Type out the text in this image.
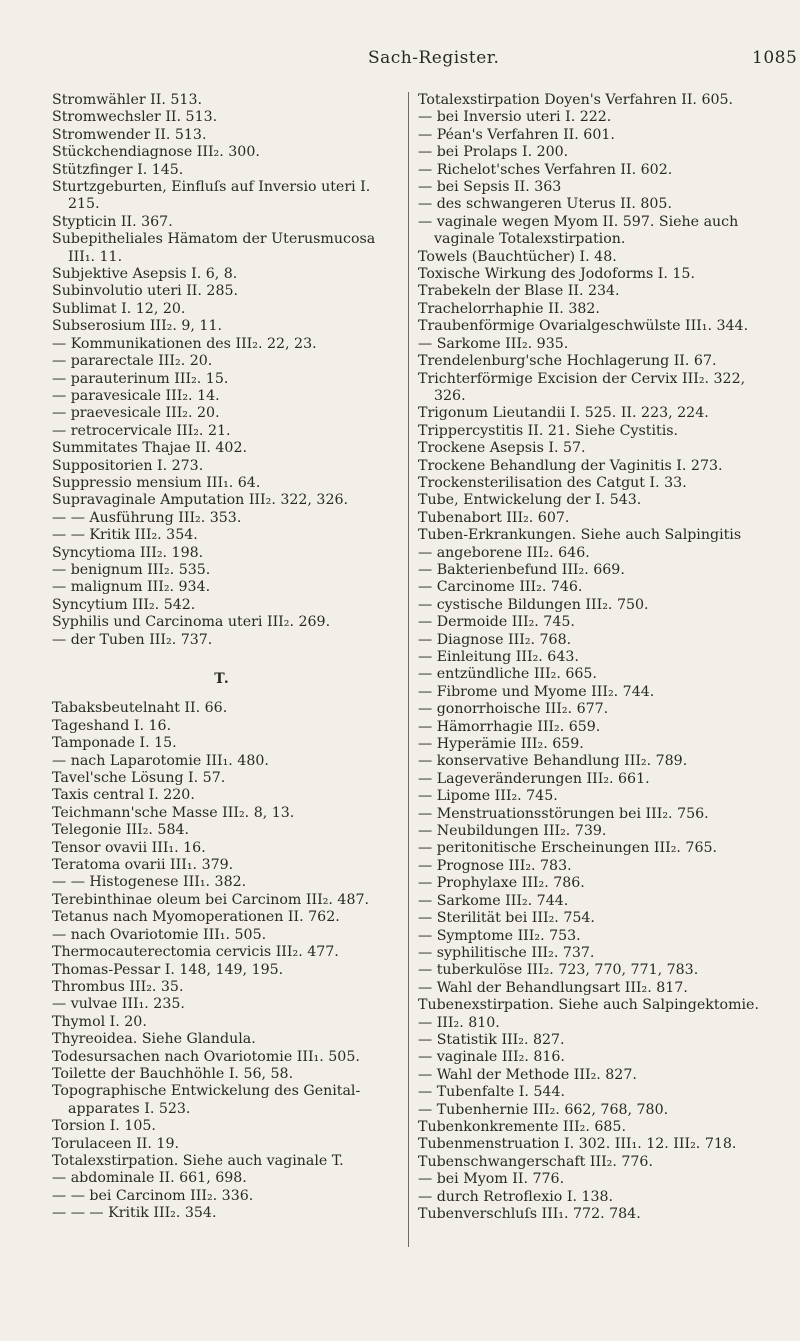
Sach-Register.	1085
Stromwähler II. 513.
Stromwechsler II. 513.
Stromwender II. 513.
Stückchendiagnose III₂. 300.
Stützfinger I. 145.
Sturtzgeburten, Einfluſs auf Inversio uteri I. 215.
Stypticin II. 367.
Subepitheliales Hämatom der Uterusmucosa III₁. 11.
Subjektive Asepsis I. 6, 8.
Subinvolutio uteri II. 285.
Sublimat I. 12, 20.
Subserosium III₂. 9, 11.
— Kommunikationen des III₂. 22, 23.
— pararectale III₂. 20.
— parauterinum III₂. 15.
— paravesicale III₂. 14.
— praevesicale III₂. 20.
— retrocervicale III₂. 21.
Summitates Thajae II. 402.
Suppositorien I. 273.
Suppressio mensium III₁. 64.
Supravaginale Amputation III₂. 322, 326.
— — Ausführung III₂. 353.
— — Kritik III₂. 354.
Syncytioma III₂. 198.
— benignum III₂. 535.
— malignum III₂. 934.
Syncytium III₂. 542.
Syphilis und Carcinoma uteri III₂. 269.
— der Tuben III₂. 737.
T.
Tabaksbeutelnaht II. 66.
Tageshand I. 16.
Tamponade I. 15.
— nach Laparotomie III₁. 480.
Tavel'sche Lösung I. 57.
Taxis central I. 220.
Teichmann'sche Masse III₂. 8, 13.
Telegonie III₂. 584.
Tensor ovavii III₁. 16.
Teratoma ovarii III₁. 379.
— — Histogenese III₁. 382.
Terebinthinae oleum bei Carcinom III₂. 487.
Tetanus nach Myomoperationen II. 762.
— nach Ovariotomie III₁. 505.
Thermocauterectomia cervicis III₂. 477.
Thomas-Pessar I. 148, 149, 195.
Thrombus III₂. 35.
— vulvae III₁. 235.
Thymol I. 20.
Thyreoidea. Siehe Glandula.
Todesursachen nach Ovariotomie III₁. 505.
Toilette der Bauchhöhle I. 56, 58.
Topographische Entwickelung des Genital-apparates I. 523.
Torsion I. 105.
Torulaceen II. 19.
Totalexstirpation. Siehe auch vaginale T.
— abdominale II. 661, 698.
— — bei Carcinom III₂. 336.
— — — Kritik III₂. 354.
Totalexstirpation Doyen's Verfahren II. 605.
— bei Inversio uteri I. 222.
— Péan's Verfahren II. 601.
— bei Prolaps I. 200.
— Richelot'sches Verfahren II. 602.
— bei Sepsis II. 363
— des schwangeren Uterus II. 805.
— vaginale wegen Myom II. 597. Siehe auch vaginale Totalexstirpation.
Towels (Bauchtücher) I. 48.
Toxische Wirkung des Jodoforms I. 15.
Trabekeln der Blase II. 234.
Trachelorrhaphie II. 382.
Traubenförmige Ovarialgeschwülste III₁. 344.
— Sarkome III₂. 935.
Trendelenburg'sche Hochlagerung II. 67.
Trichterförmige Excision der Cervix III₂. 322, 326.
Trigonum Lieutandii I. 525. II. 223, 224.
Trippercystitis II. 21. Siehe Cystitis.
Trockene Asepsis I. 57.
Trockene Behandlung der Vaginitis I. 273.
Trockensterilisation des Catgut I. 33.
Tube, Entwickelung der I. 543.
Tubenabort III₂. 607.
Tuben-Erkrankungen. Siehe auch Salpingitis
— angeborene III₂. 646.
— Bakterienbefund III₂. 669.
— Carcinome III₂. 746.
— cystische Bildungen III₂. 750.
— Dermoide III₂. 745.
— Diagnose III₂. 768.
— Einleitung III₂. 643.
— entzündliche III₂. 665.
— Fibrome und Myome III₂. 744.
— gonorrhoische III₂. 677.
— Hämorrhagie III₂. 659.
— Hyperämie III₂. 659.
— konservative Behandlung III₂. 789.
— Lageveränderungen III₂. 661.
— Lipome III₂. 745.
— Menstruationsstörungen bei III₂. 756.
— Neubildungen III₂. 739.
— peritonitische Erscheinungen III₂. 765.
— Prognose III₂. 783.
— Prophylaxe III₂. 786.
— Sarkome III₂. 744.
— Sterilität bei III₂. 754.
— Symptome III₂. 753.
— syphilitische III₂. 737.
— tuberkulöse III₂. 723, 770, 771, 783.
— Wahl der Behandlungsart III₂. 817.
Tubenexstirpation. Siehe auch Salpingektomie.
— III₂. 810.
— Statistik III₂. 827.
— vaginale III₂. 816.
— Wahl der Methode III₂. 827.
— Tubenfalte I. 544.
— Tubenhernie III₂. 662, 768, 780.
Tubenkonkremente III₂. 685.
Tubenmenstruation I. 302. III₁. 12. III₂. 718.
Tubenschwangerschaft III₂. 776.
— bei Myom II. 776.
— durch Retroflexio I. 138.
Tubenverschluſs III₁. 772. 784.
